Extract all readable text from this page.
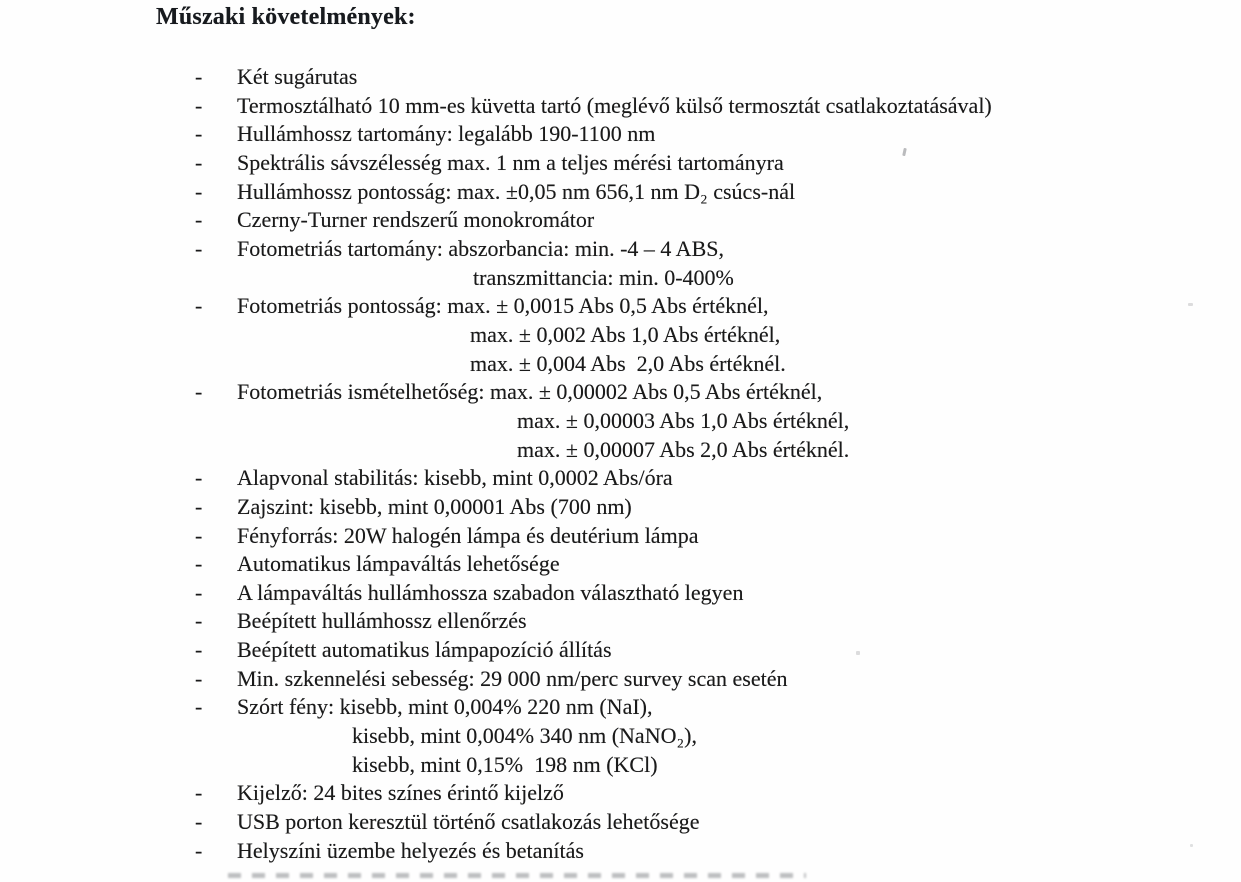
Műszaki követelmények:
- Két sugárutas
- Termosztálható 10 mm-es küvetta tartó (meglévő külső termosztát csatlakoztatásával)
- Hullámhossz tartomány: legalább 190-1100 nm
- Spektrális sávszélesség max. 1 nm a teljes mérési tartományra
- Hullámhossz pontosság: max. ±0,05 nm 656,1 nm D₂ csúcs-nál
- Czerny-Turner rendszerű monokromátor
- Fotometriás tartomány: abszorbancia: min. -4 – 4 ABS,
transzmittancia: min. 0-400%
- Fotometriás pontosság: max. ± 0,0015 Abs 0,5 Abs értéknél,
max. ± 0,002 Abs 1,0 Abs értéknél,
max. ± 0,004 Abs  2,0 Abs értéknél.
- Fotometriás ismételhetőség: max. ± 0,00002 Abs 0,5 Abs értéknél,
max. ± 0,00003 Abs 1,0 Abs értéknél,
max. ± 0,00007 Abs 2,0 Abs értéknél.
- Alapvonal stabilitás: kisebb, mint 0,0002 Abs/óra
- Zajszint: kisebb, mint 0,00001 Abs (700 nm)
- Fényforrás: 20W halogén lámpa és deutérium lámpa
- Automatikus lámpaváltás lehetősége
- A lámpaváltás hullámhossza szabadon választható legyen
- Beépített hullámhossz ellenőrzés
- Beépített automatikus lámpapozíció állítás
- Min. szkennelési sebesség: 29 000 nm/perc survey scan esetén
- Szórt fény: kisebb, mint 0,004% 220 nm (NaI),
kisebb, mint 0,004% 340 nm (NaNO₂),
kisebb, mint 0,15%  198 nm (KCl)
- Kijelző: 24 bites színes érintő kijelző
- USB porton keresztül történő csatlakozás lehetősége
- Helyszíni üzembe helyezés és betanítás
